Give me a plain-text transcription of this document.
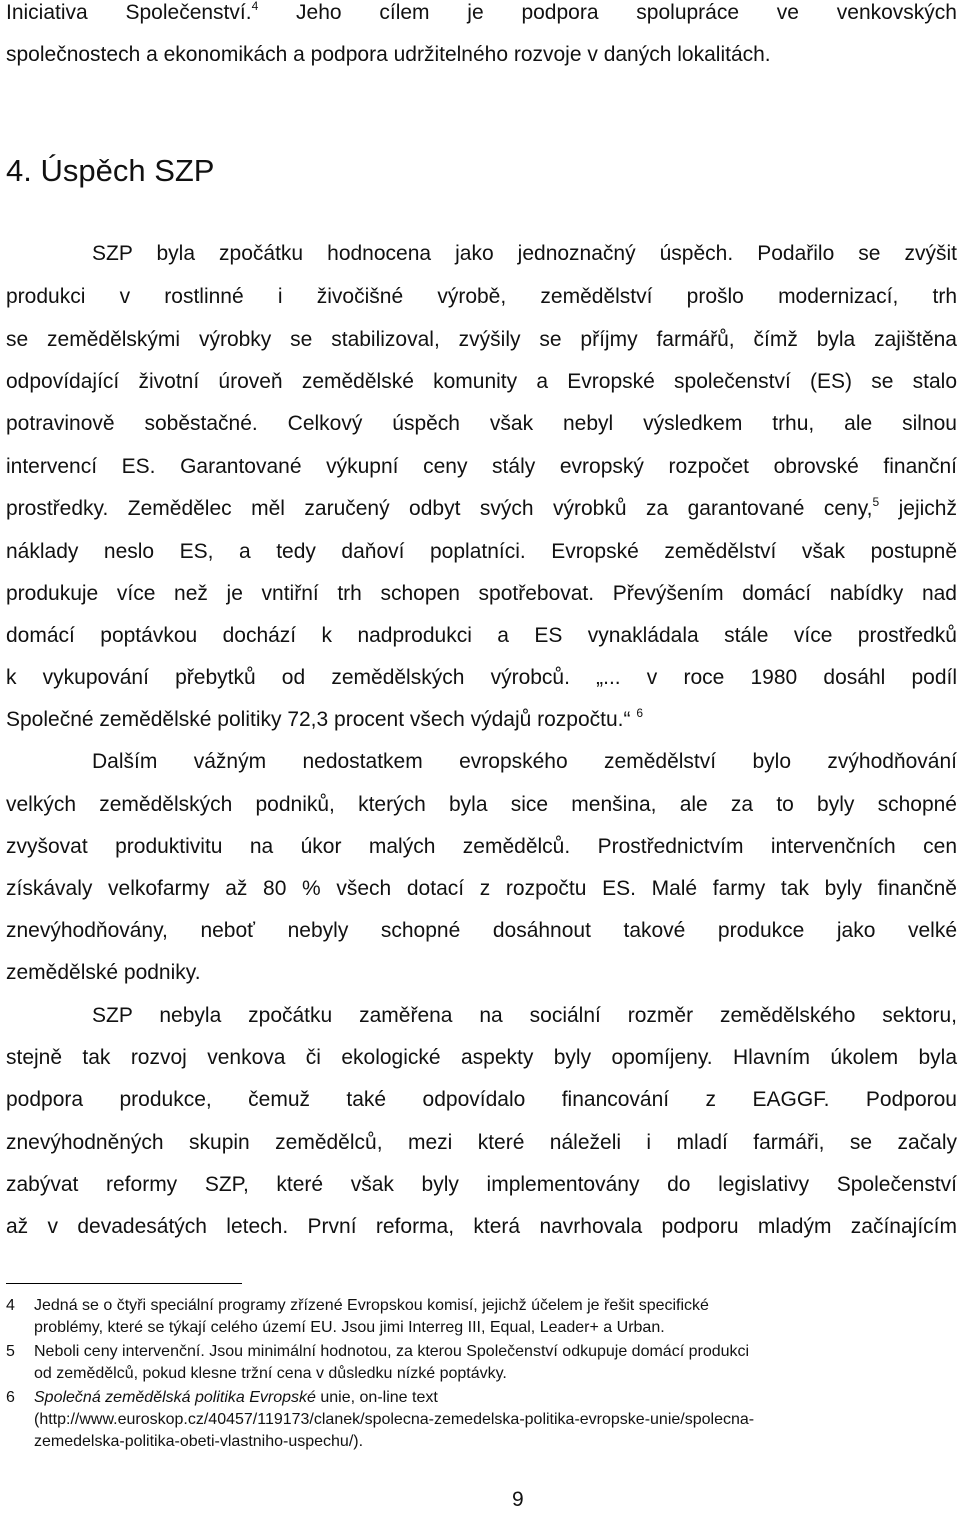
Iniciativa Společenství.$^4$ Jeho cílem je podpora spolupráce ve venkovských
společnostech a ekonomikách a podpora udržitelného rozvoje v daných lokalitách.
4. Úspěch SZP
SZP byla zpočátku hodnocena jako jednoznačný úspěch. Podařilo se zvýšit
produkci v rostlinné i živočišné výrobě, zemědělství prošlo modernizací, trh
se zemědělskými výrobky se stabilizoval, zvýšily se příjmy farmářů, čímž byla zajištěna
odpovídající životní úroveň zemědělské komunity a Evropské společenství (ES) se stalo
potravinově soběstačné. Celkový úspěch však nebyl výsledkem trhu, ale silnou
intervencí ES. Garantované výkupní ceny stály evropský rozpočet obrovské finanční
prostředky. Zemědělec měl zaručený odbyt svých výrobků za garantované ceny,$^5$ jejichž
náklady neslo ES, a tedy daňoví poplatníci. Evropské zemědělství však postupně
produkuje více než je vntiřní trh schopen spotřebovat. Převýšením domácí nabídky nad
domácí poptávkou dochází k nadprodukci a ES vynakládala stále více prostředků
k vykupování přebytků od zemědělských výrobců. „... v roce 1980 dosáhl podíl
Společné zemědělské politiky 72,3 procent všech výdajů rozpočtu.“ $^6$
Dalším vážným nedostatkem evropského zemědělství bylo zvýhodňování
velkých zemědělských podniků, kterých byla sice menšina, ale za to byly schopné
zvyšovat produktivitu na úkor malých zemědělců. Prostřednictvím intervenčních cen
získávaly velkofarmy až 80 % všech dotací z rozpočtu ES. Malé farmy tak byly finančně
znevýhodňovány, neboť nebyly schopné dosáhnout takové produkce jako velké
zemědělské podniky.
SZP nebyla zpočátku zaměřena na sociální rozměr zemědělského sektoru,
stejně tak rozvoj venkova či ekologické aspekty byly opomíjeny. Hlavním úkolem byla
podpora produkce, čemuž také odpovídalo financování z EAGGF. Podporou
znevýhodněných skupin zemědělců, mezi které náleželi i mladí farmáři, se začaly
zabývat reformy SZP, které však byly implementovány do legislativy Společenství
až v devadesátých letech. První reforma, která navrhovala podporu mladým začínajícím
4 Jedná se o čtyři speciální programy zřízené Evropskou komisí, jejichž účelem je řešit specifické
problémy, které se týkají celého území EU. Jsou jimi Interreg III, Equal, Leader+ a Urban.
5 Neboli ceny intervenční. Jsou minimální hodnotou, za kterou Společenství odkupuje domácí produkci
od zemědělců, pokud klesne tržní cena v důsledku nízké poptávky.
6 Společná zemědělská politika Evropské unie, on-line text
(http://www.euroskop.cz/40457/119173/clanek/spolecna-zemedelska-politika-evropske-unie/spolecna-
zemedelska-politika-obeti-vlastniho-uspechu/).
9
